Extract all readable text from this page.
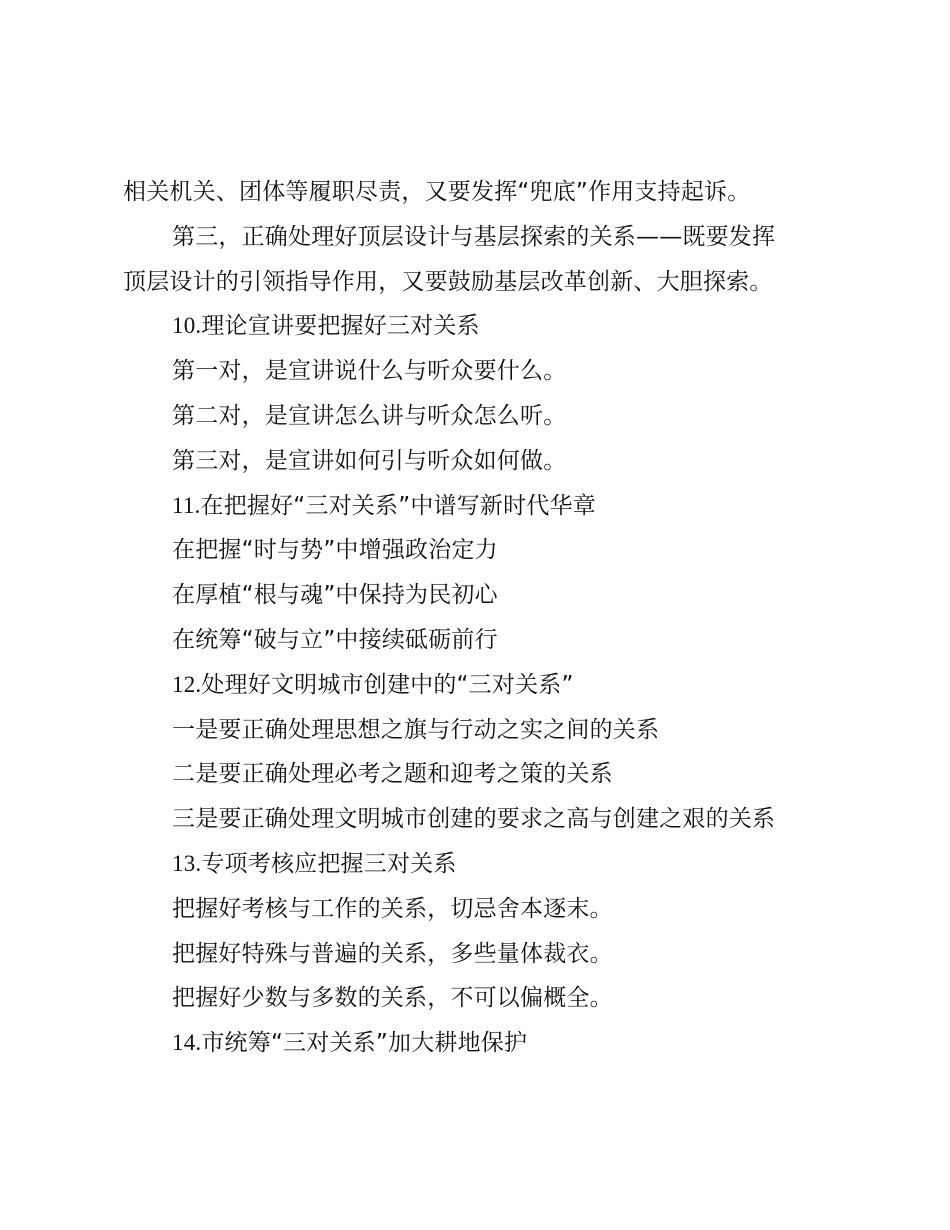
相关机关、团体等履职尽责，又要发挥“兜底”作用支持起诉。
第三，正确处理好顶层设计与基层探索的关系——既要发挥
顶层设计的引领指导作用，又要鼓励基层改革创新、大胆探索。
10.理论宣讲要把握好三对关系
第一对，是宣讲说什么与听众要什么。
第二对，是宣讲怎么讲与听众怎么听。
第三对，是宣讲如何引与听众如何做。
11.在把握好“三对关系”中谱写新时代华章
在把握“时与势”中增强政治定力
在厚植“根与魂”中保持为民初心
在统筹“破与立”中接续砥砺前行
12.处理好文明城市创建中的“三对关系”
一是要正确处理思想之旗与行动之实之间的关系
二是要正确处理必考之题和迎考之策的关系
三是要正确处理文明城市创建的要求之高与创建之艰的关系
13.专项考核应把握三对关系
把握好考核与工作的关系，切忌舍本逐末。
把握好特殊与普遍的关系，多些量体裁衣。
把握好少数与多数的关系，不可以偏概全。
14.市统筹“三对关系”加大耕地保护
